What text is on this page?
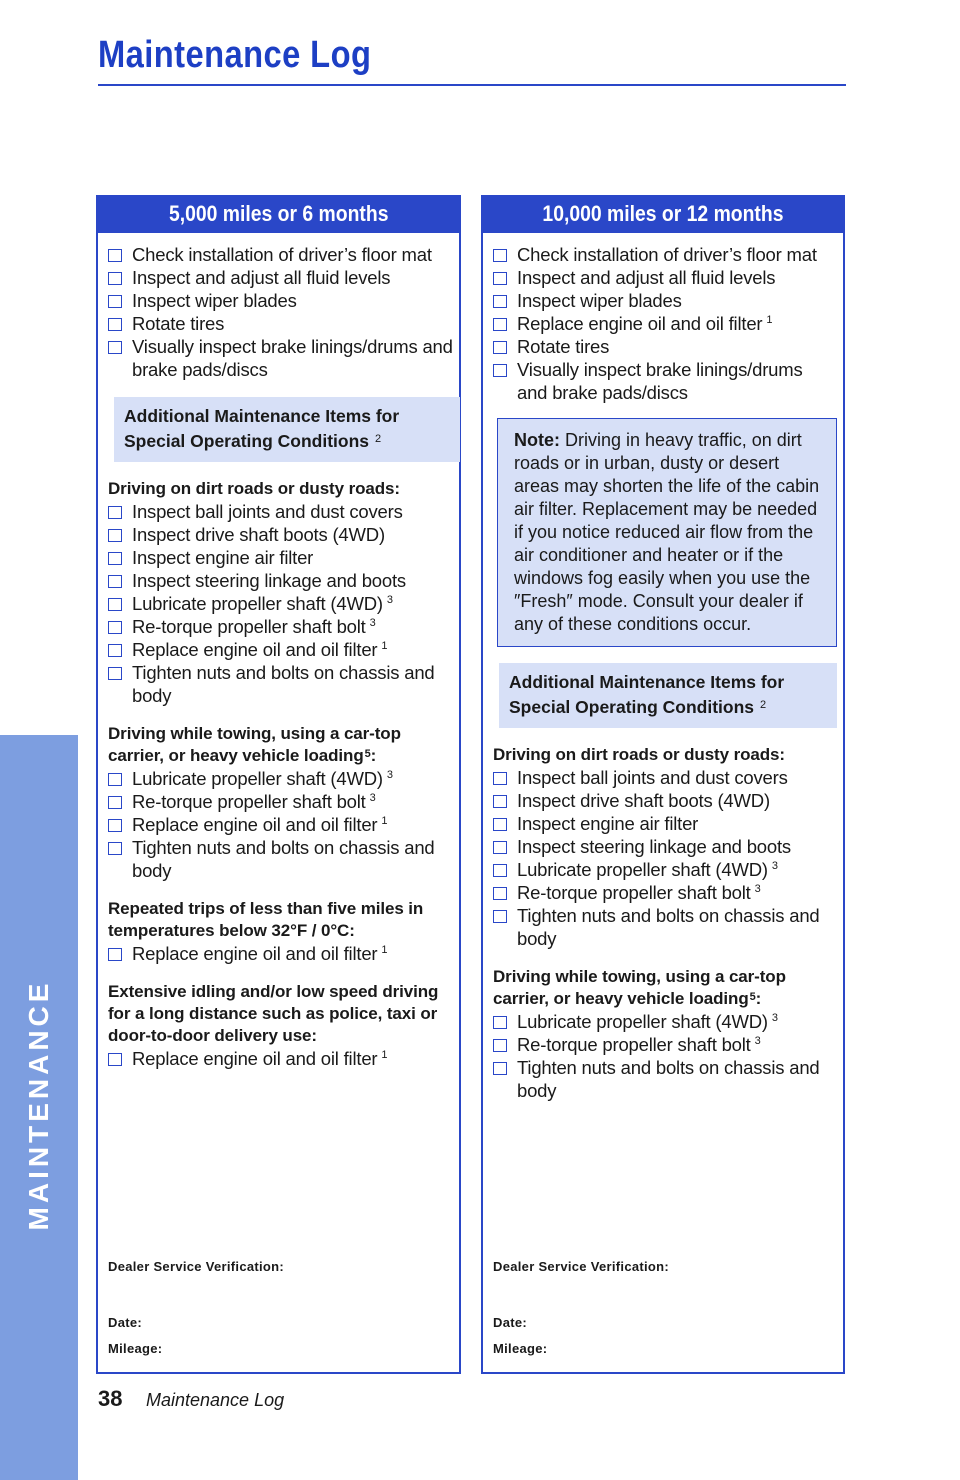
Maintenance Log
MAINTENANCE
5,000 miles or 6 months
Check installation of driver’s floor mat
Inspect and adjust all fluid levels
Inspect wiper blades
Rotate tires
Visually inspect brake linings/drums and brake pads/discs
Additional Maintenance Items for Special Operating Conditions $^2$
Driving on dirt roads or dusty roads:
Inspect ball joints and dust covers
Inspect drive shaft boots (4WD)
Inspect engine air filter
Inspect steering linkage and boots
Lubricate propeller shaft (4WD) $^3$
Re-torque propeller shaft bolt $^3$
Replace engine oil and oil filter $^1$
Tighten nuts and bolts on chassis and body
Driving while towing, using a car-top carrier, or heavy vehicle loading$^5$:
Lubricate propeller shaft (4WD) $^3$
Re-torque propeller shaft bolt $^3$
Replace engine oil and oil filter $^1$
Tighten nuts and bolts on chassis and body
Repeated trips of less than five miles in temperatures below 32°F / 0°C:
Replace engine oil and oil filter $^1$
Extensive idling and/or low speed driving for a long distance such as police, taxi or door-to-door delivery use:
Replace engine oil and oil filter $^1$
Dealer Service Verification:
Date:
Mileage:
10,000 miles or 12 months
Check installation of driver’s floor mat
Inspect and adjust all fluid levels
Inspect wiper blades
Replace engine oil and oil filter $^1$
Rotate tires
Visually inspect brake linings/drums and brake pads/discs
Note: Driving in heavy traffic, on dirt roads or in urban, dusty or desert areas may shorten the life of the cabin air filter. Replacement may be needed if you notice reduced air flow from the air conditioner and heater or if the windows fog easily when you use the ″Fresh″ mode. Consult your dealer if any of these conditions occur.
Additional Maintenance Items for Special Operating Conditions $^2$
Driving on dirt roads or dusty roads:
Inspect ball joints and dust covers
Inspect drive shaft boots (4WD)
Inspect engine air filter
Inspect steering linkage and boots
Lubricate propeller shaft (4WD) $^3$
Re-torque propeller shaft bolt $^3$
Tighten nuts and bolts on chassis and body
Driving while towing, using a car-top carrier, or heavy vehicle loading$^5$:
Lubricate propeller shaft (4WD) $^3$
Re-torque propeller shaft bolt $^3$
Tighten nuts and bolts on chassis and body
Dealer Service Verification:
Date:
Mileage:
38 Maintenance Log
